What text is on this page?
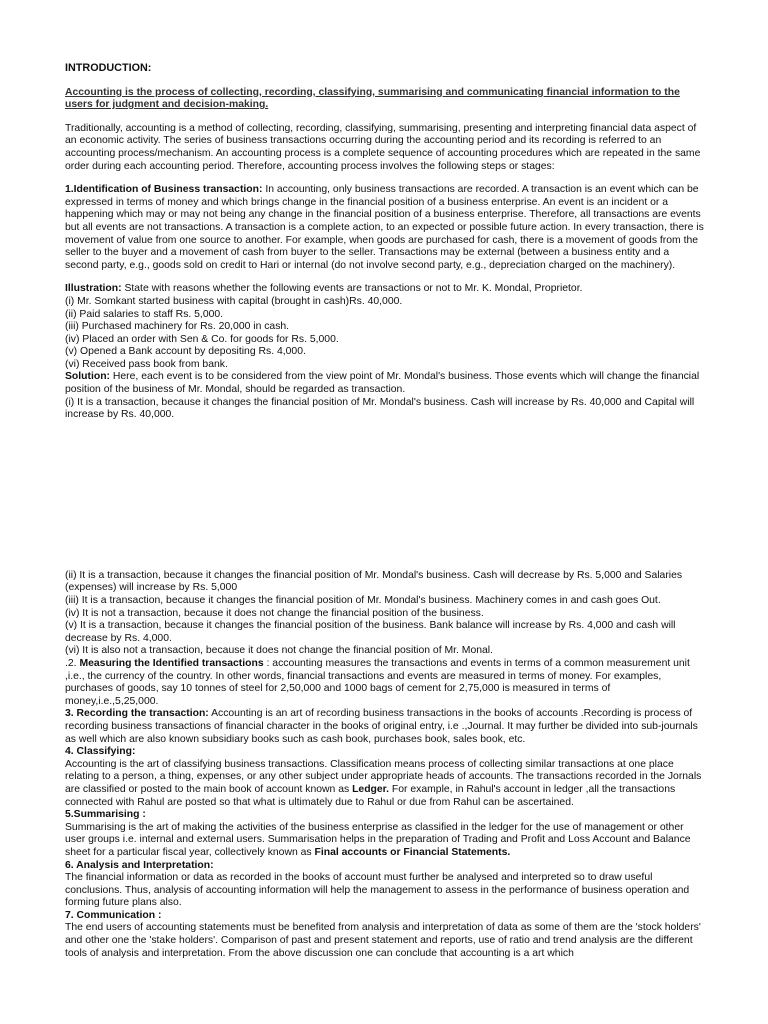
INTRODUCTION:

Accounting is the process of collecting, recording, classifying, summarising and communicating financial information to the users for judgment and decision-making.

Traditionally, accounting is a method of collecting, recording, classifying, summarising, presenting and interpreting financial data aspect of an economic activity. The series of business transactions occurring during the accounting period and its recording is referred to an accounting process/mechanism. An accounting process is a complete sequence of accounting procedures which are repeated in the same order during each accounting period. Therefore, accounting process involves the following steps or stages:

1.Identification of Business transaction: In accounting, only business transactions are recorded. A transaction is an event which can be expressed in terms of money and which brings change in the financial position of a business enterprise. An event is an incident or a happening which may or may not being any change in the financial position of a business enterprise. Therefore, all transactions are events but all events are not transactions. A transaction is a complete action, to an expected or possible future action. In every transaction, there is movement of value from one source to another. For example, when goods are purchased for cash, there is a movement of goods from the seller to the buyer and a movement of cash from buyer to the seller. Transactions may be external (between a business entity and a second party, e.g., goods sold on credit to Hari or internal (do not involve second party, e.g., depreciation charged on the machinery).

Illustration: State with reasons whether the following events are transactions or not to Mr. K. Mondal, Proprietor.

(i) Mr. Somkant started business with capital (brought in cash)Rs. 40,000.

(ii) Paid salaries to staff Rs. 5,000.

(iii) Purchased machinery for Rs. 20,000 in cash.

(iv) Placed an order with Sen & Co. for goods for Rs. 5,000.

(v) Opened a Bank account by depositing Rs. 4,000.

(vi) Received pass book from bank.

Solution: Here, each event is to be considered from the view point of Mr. Mondal's business. Those events which will change the financial position of the business of Mr. Mondal, should be regarded as transaction.

(i) It is a transaction, because it changes the financial position of Mr. Mondal's business. Cash will increase by Rs. 40,000 and Capital will increase by Rs. 40,000.

(ii) It is a transaction, because it changes the financial position of Mr. Mondal's business. Cash will decrease by Rs. 5,000 and Salaries (expenses) will increase by Rs. 5,000

(iii) It is a transaction, because it changes the financial position of Mr. Mondal's business. Machinery comes in and cash goes Out.

(iv) It is not a transaction, because it does not change the financial position of the business.

(v) It is a transaction, because it changes the financial position of the business. Bank balance will increase by Rs. 4,000 and cash will decrease by Rs. 4,000.

(vi) It is also not a transaction, because it does not change the financial position of Mr. Monal.

.2. Measuring the Identified transactions : accounting measures the transactions and events in terms of a common measurement unit ,i.e., the currency of the country. In other words, financial transactions and events are measured in terms of money. For examples, purchases of goods, say 10 tonnes of steel for 2,50,000 and 1000 bags of cement for 2,75,000 is measured in terms of money,i.e.,5,25,000.

3. Recording the transaction: Accounting is an art of recording business transactions in the books of accounts .Recording is process of recording business transactions of financial character in the books of original entry, i.e .,Journal. It may further be divided into sub-journals as well which are also known subsidiary books such as cash book, purchases book, sales book, etc.

4. Classifying:

Accounting is the art of classifying business transactions. Classification means process of collecting similar transactions at one place relating to a person, a thing, expenses, or any other subject under appropriate heads of accounts. The transactions recorded in the Jornals are classified or posted to the main book of account known as Ledger. For example, in Rahul's account in ledger ,all the transactions connected with Rahul are posted so that what is ultimately due to Rahul or due from Rahul can be ascertained.

5.Summarising :

Summarising is the art of making the activities of the business enterprise as classified in the ledger for the use of management or other user groups i.e. internal and external users. Summarisation helps in the preparation of Trading and Profit and Loss Account and Balance sheet for a particular fiscal year, collectively known as Final accounts or Financial Statements.

6. Analysis and Interpretation:

The financial information or data as recorded in the books of account must further be analysed and interpreted so to draw useful conclusions. Thus, analysis of accounting information will help the management to assess in the performance of business operation and forming future plans also.

7. Communication :

The end users of accounting statements must be benefited from analysis and interpretation of data as some of them are the 'stock holders' and other one the 'stake holders'. Comparison of past and present statement and reports, use of ratio and trend analysis are the different tools of analysis and interpretation. From the above discussion one can conclude that accounting is a art which
